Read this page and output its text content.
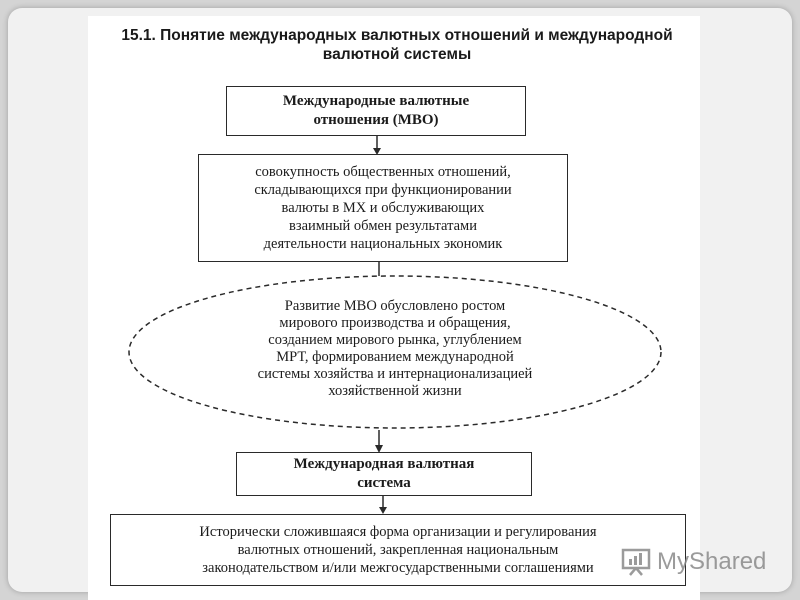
15.1. Понятие международных валютных отношений и международной
валютной системы
Международные валютные
отношения (МВО)
совокупность общественных отношений,
складывающихся при функционировании
валюты в МХ и обслуживающих
взаимный обмен результатами
деятельности национальных экономик
Развитие МВО обусловлено ростом
мирового производства и обращения,
созданием мирового рынка, углублением
МРТ, формированием международной
системы хозяйства и интернационализацией
хозяйственной жизни
Международная валютная
система
Исторически сложившаяся форма организации и регулирования
валютных отношений, закрепленная национальным
законодательством и/или межгосударственными соглашениями	MyShared
